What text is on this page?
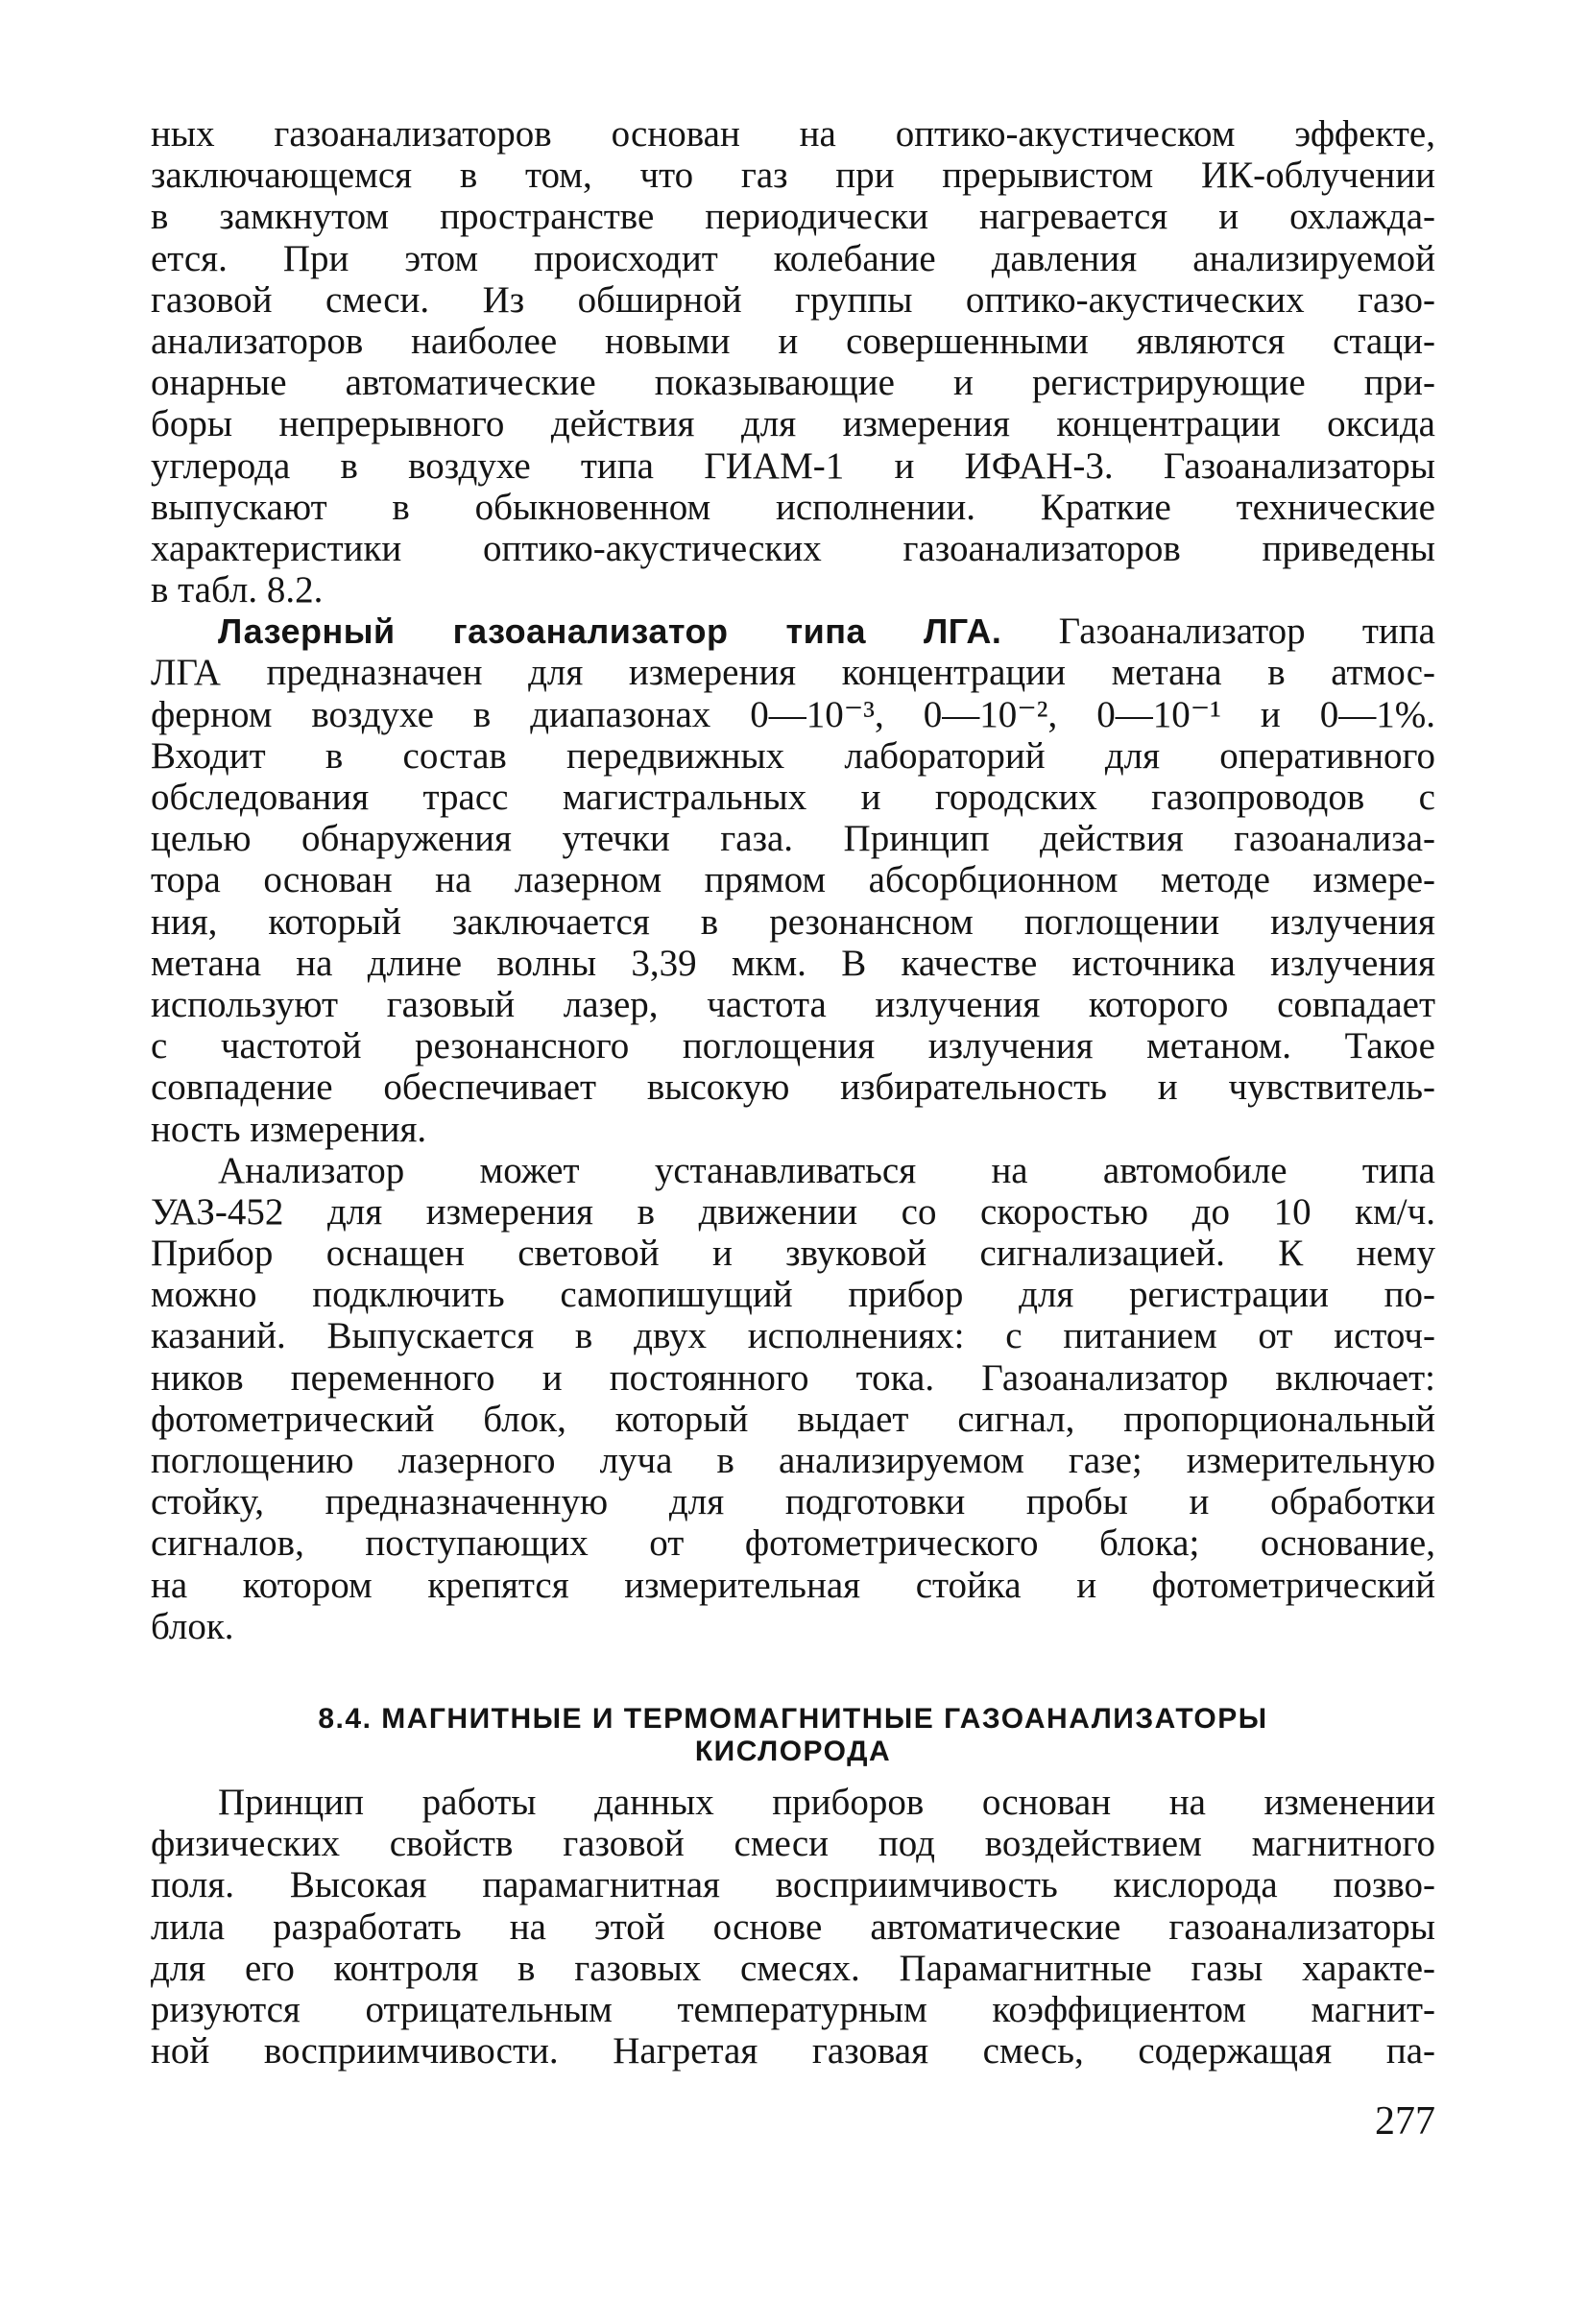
ных газоанализаторов основан на оптико-акустическом эффекте,
заключающемся в том, что газ при прерывистом ИК-облучении
в замкнутом пространстве периодически нагревается и охлажда-
ется. При этом происходит колебание давления анализируемой
газовой смеси. Из обширной группы оптико-акустических газо-
анализаторов наиболее новыми и совершенными являются стаци-
онарные автоматические показывающие и регистрирующие при-
боры непрерывного действия для измерения концентрации оксида
углерода в воздухе типа ГИАМ-1 и ИФАН-3. Газоанализаторы
выпускают в обыкновенном исполнении. Краткие технические
характеристики оптико-акустических газоанализаторов приведены
в табл. 8.2.
Лазерный газоанализатор типа ЛГА. Газоанализатор типа
ЛГА предназначен для измерения концентрации метана в атмос-
ферном воздухе в диапазонах 0—10⁻³, 0—10⁻², 0—10⁻¹ и 0—1%.
Входит в состав передвижных лабораторий для оперативного
обследования трасс магистральных и городских газопроводов с
целью обнаружения утечки газа. Принцип действия газоанализа-
тора основан на лазерном прямом абсорбционном методе измере-
ния, который заключается в резонансном поглощении излучения
метана на длине волны 3,39 мкм. В качестве источника излучения
используют газовый лазер, частота излучения которого совпадает
с частотой резонансного поглощения излучения метаном. Такое
совпадение обеспечивает высокую избирательность и чувствитель-
ность измерения.
Анализатор может устанавливаться на автомобиле типа
УАЗ-452 для измерения в движении со скоростью до 10 км/ч.
Прибор оснащен световой и звуковой сигнализацией. К нему
можно подключить самопишущий прибор для регистрации по-
казаний. Выпускается в двух исполнениях: с питанием от источ-
ников переменного и постоянного тока. Газоанализатор включает:
фотометрический блок, который выдает сигнал, пропорциональный
поглощению лазерного луча в анализируемом газе; измерительную
стойку, предназначенную для подготовки пробы и обработки
сигналов, поступающих от фотометрического блока; основание,
на котором крепятся измерительная стойка и фотометрический
блок.
8.4. МАГНИТНЫЕ И ТЕРМОМАГНИТНЫЕ ГАЗОАНАЛИЗАТОРЫ
КИСЛОРОДА
Принцип работы данных приборов основан на изменении
физических свойств газовой смеси под воздействием магнитного
поля. Высокая парамагнитная восприимчивость кислорода позво-
лила разработать на этой основе автоматические газоанализаторы
для его контроля в газовых смесях. Парамагнитные газы характе-
ризуются отрицательным температурным коэффициентом магнит-
ной восприимчивости. Нагретая газовая смесь, содержащая па-
277
